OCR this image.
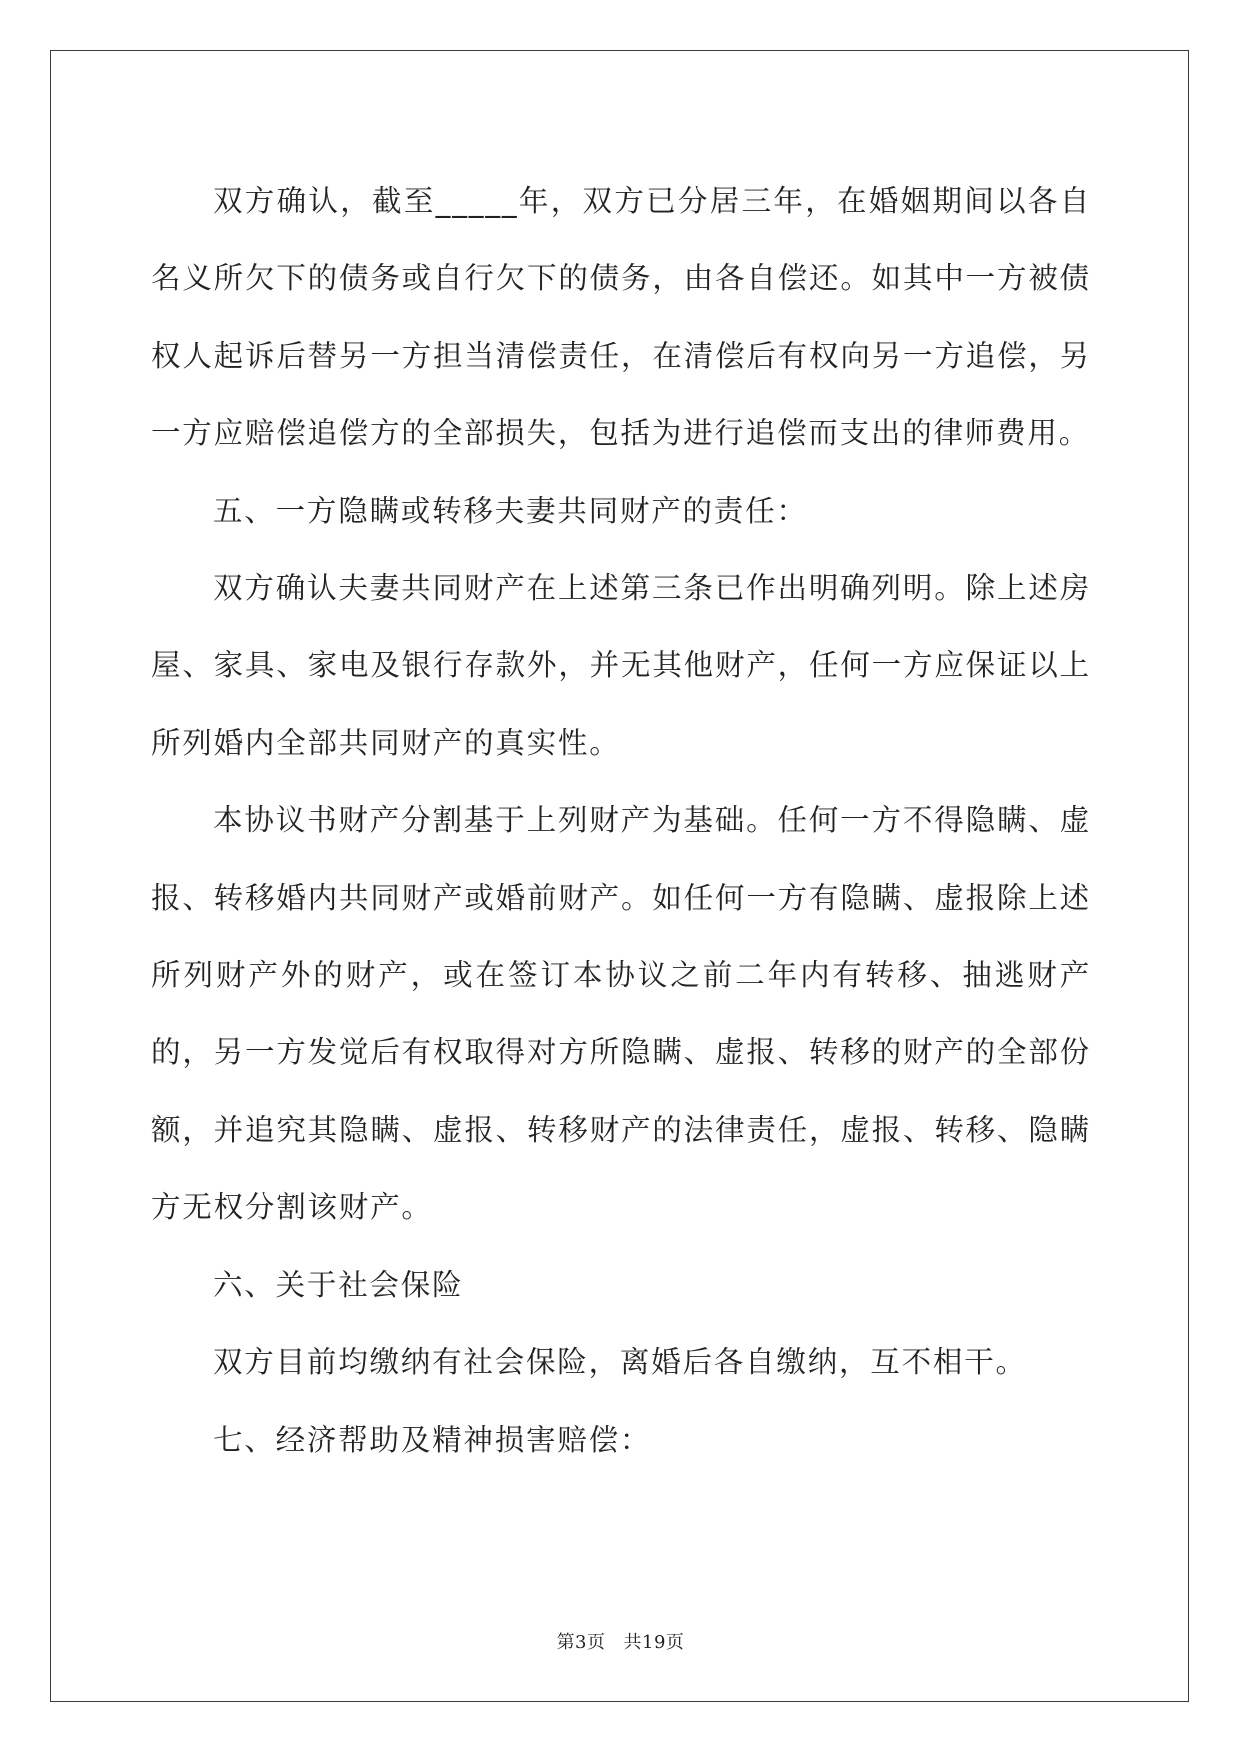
双方确认，截至_____年，双方已分居三年，在婚姻期间以各自名义所欠下的债务或自行欠下的债务，由各自偿还。如其中一方被债权人起诉后替另一方担当清偿责任，在清偿后有权向另一方追偿，另一方应赔偿追偿方的全部损失，包括为进行追偿而支出的律师费用。

五、一方隐瞒或转移夫妻共同财产的责任：

双方确认夫妻共同财产在上述第三条已作出明确列明。除上述房屋、家具、家电及银行存款外，并无其他财产，任何一方应保证以上所列婚内全部共同财产的真实性。

本协议书财产分割基于上列财产为基础。任何一方不得隐瞒、虚报、转移婚内共同财产或婚前财产。如任何一方有隐瞒、虚报除上述所列财产外的财产，或在签订本协议之前二年内有转移、抽逃财产的，另一方发觉后有权取得对方所隐瞒、虚报、转移的财产的全部份额，并追究其隐瞒、虚报、转移财产的法律责任，虚报、转移、隐瞒方无权分割该财产。

六、关于社会保险

双方目前均缴纳有社会保险，离婚后各自缴纳，互不相干。

七、经济帮助及精神损害赔偿：

第3页 共19页
